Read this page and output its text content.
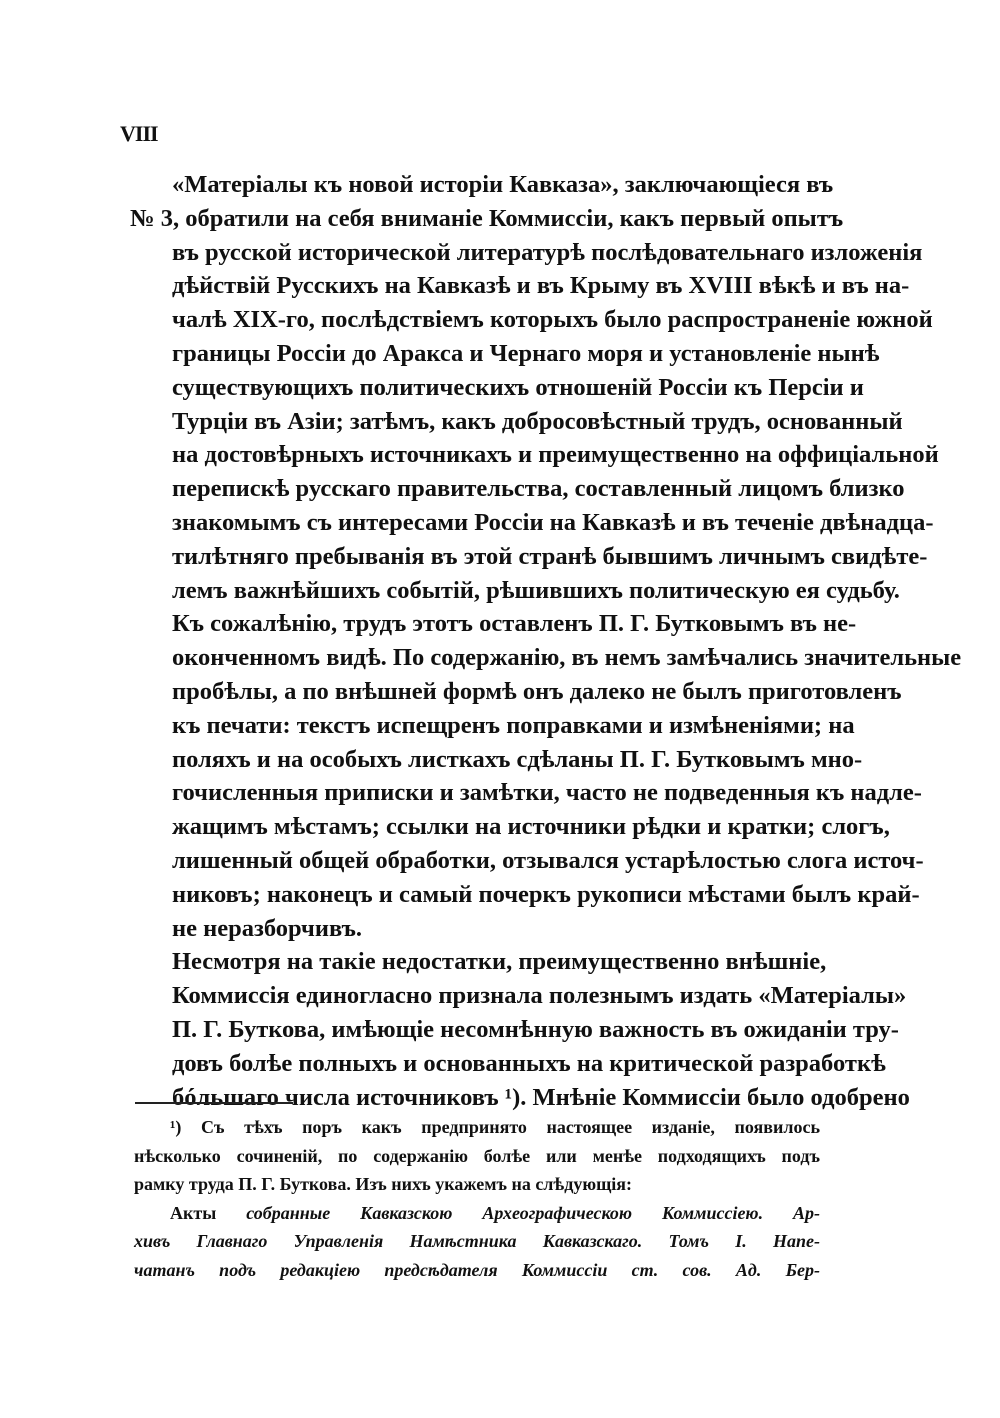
VIII

«Матеріалы къ новой исторіи Кавказа», заключающіеся въ
№ 3, обратили на себя вниманіе Коммиссіи, какъ первый опытъ
въ русской исторической литературѣ послѣдовательнаго изложенія
дѣйствій Русскихъ на Кавказѣ и въ Крыму въ XVIII вѣкѣ и въ на-
чалѣ XIX-го, послѣдствіемъ которыхъ было распространеніе южной
границы Россіи до Аракса и Чернаго моря и установленіе нынѣ
существующихъ политическихъ отношеній Россіи къ Персіи и
Турціи въ Азіи; затѣмъ, какъ добросовѣстный трудъ, основанный
на достовѣрныхъ источникахъ и преимущественно на оффиціальной
перепискѣ русскаго правительства, составленный лицомъ близко
знакомымъ съ интересами Россіи на Кавказѣ и въ теченіе двѣнадца-
тилѣтняго пребыванія въ этой странѣ бывшимъ личнымъ свидѣте-
лемъ важнѣйшихъ событій, рѣшившихъ политическую ея судьбу.

Къ сожалѣнію, трудъ этотъ оставленъ П. Г. Бутковымъ въ не-
оконченномъ видѣ. По содержанію, въ немъ замѣчались значительные
пробѣлы, а по внѣшней формѣ онъ далеко не былъ приготовленъ
къ печати: текстъ испещренъ поправками и измѣненіями; на
поляхъ и на особыхъ листкахъ сдѣланы П. Г. Бутковымъ мно-
гочисленныя приписки и замѣтки, часто не подведенныя къ надле-
жащимъ мѣстамъ; ссылки на источники рѣдки и кратки; слогъ,
лишенный общей обработки, отзывался устарѣлостью слога источ-
никовъ; наконецъ и самый почеркъ рукописи мѣстами былъ край-
не неразборчивъ.

Несмотря на такіе недостатки, преимущественно внѣшніе,
Коммиссія единогласно признала полезнымъ издать «Матеріалы»
П. Г. Буткова, имѣющіе несомнѣнную важность въ ожиданіи тру-
довъ болѣе полныхъ и основанныхъ на критической разработкѣ
бóльшаго числа источниковъ ¹). Мнѣніе Коммиссіи было одобрено

¹) Съ тѣхъ поръ какъ предпринято настоящее изданіе, появилось
нѣсколько сочиненій, по содержанію болѣе или менѣе подходящихъ подъ
рамку труда П. Г. Буткова. Изъ нихъ укажемъ на слѣдующія:
Акты собранные Кавказскою Археографическою Коммиссіею. Ар-
хивъ Главнаго Управленія Намѣстника Кавказскаго. Томъ I. Напе-
чатанъ подъ редакціею предсѣдателя Коммиссіи ст. сов. Ад. Бер-
